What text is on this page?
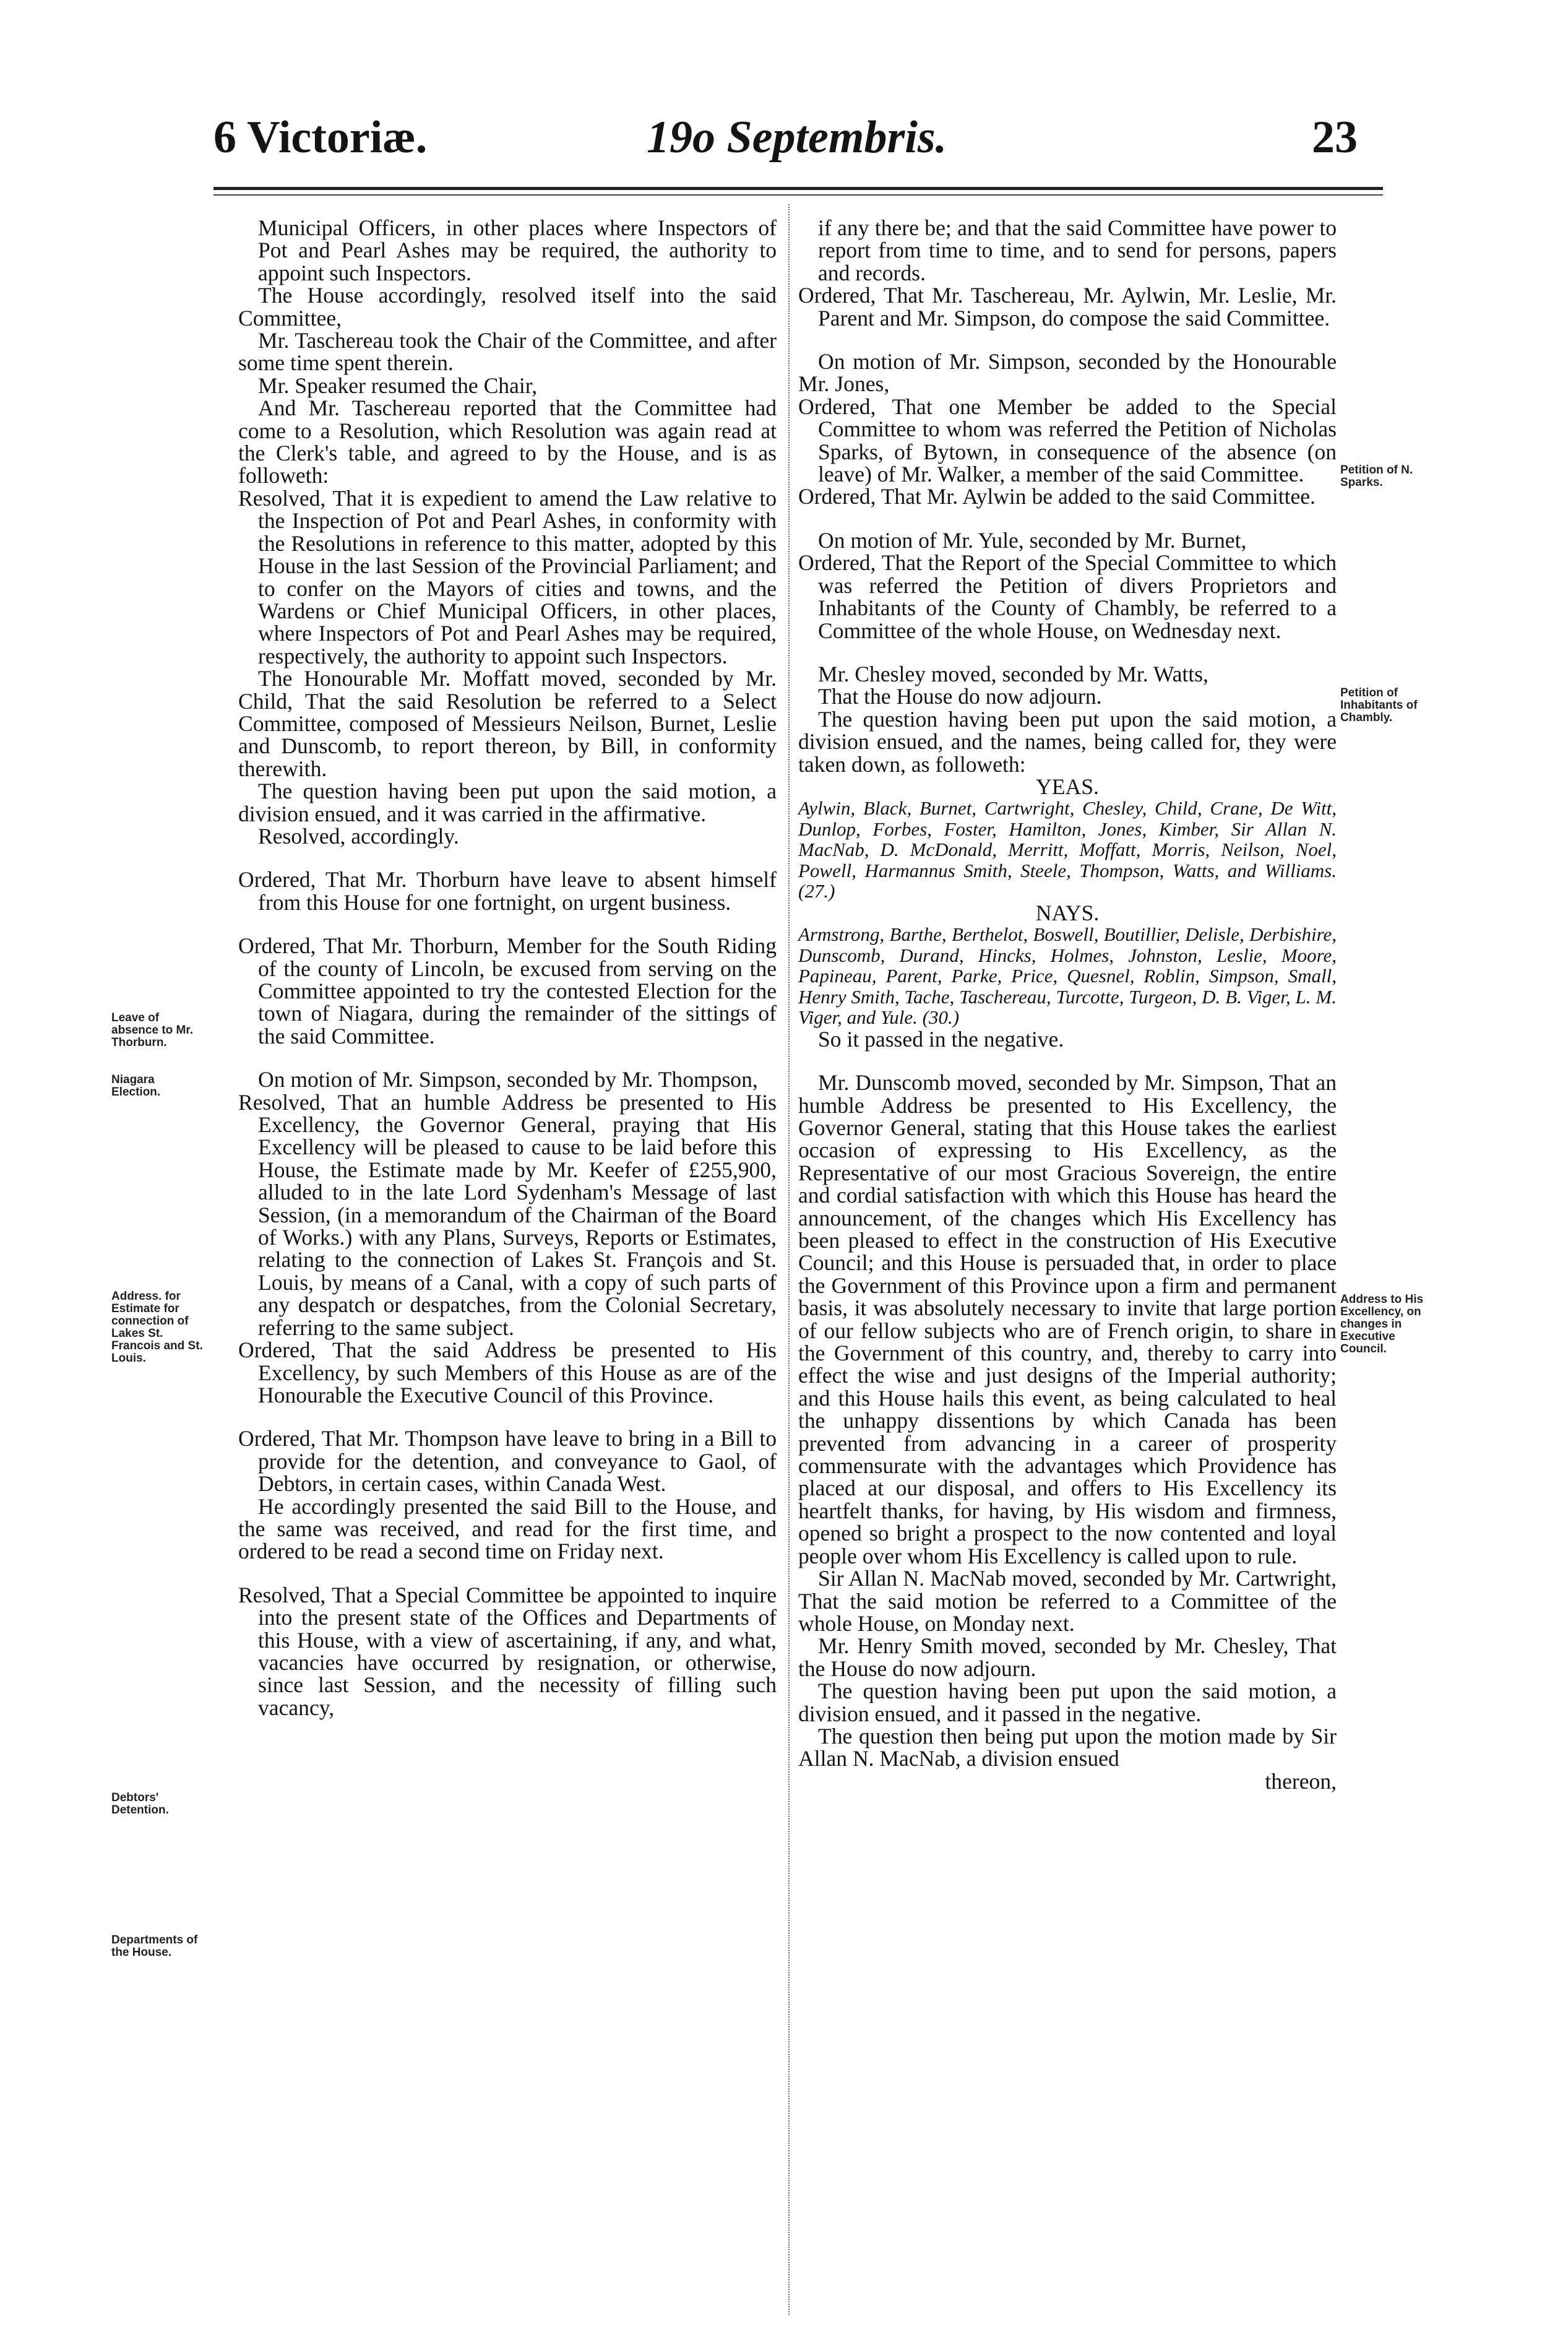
6 Victoriæ.	19o Septembris.	23
Leave of absence to Mr. Thorburn.
Niagara Election.
Address. for Estimate for connection of Lakes St. Francois and St. Louis.
Debtors' Detention.
Departments of the House.
Petition of N. Sparks.
Petition of Inhabitants of Chambly.
Address to His Excellency, on changes in Executive Council.

Municipal Officers, in other places where Inspectors of Pot and Pearl Ashes may be required, the authority to appoint such Inspectors.

The House accordingly, resolved itself into the said Committee,

Mr. Taschereau took the Chair of the Committee, and after some time spent therein.

Mr. Speaker resumed the Chair,

And Mr. Taschereau reported that the Committee had come to a Resolution, which Resolution was again read at the Clerk's table, and agreed to by the House, and is as followeth:

Resolved, That it is expedient to amend the Law relative to the Inspection of Pot and Pearl Ashes, in conformity with the Resolutions in reference to this matter, adopted by this House in the last Session of the Provincial Parliament; and to confer on the Mayors of cities and towns, and the Wardens or Chief Municipal Officers, in other places, where Inspectors of Pot and Pearl Ashes may be required, respectively, the authority to appoint such Inspectors.

The Honourable Mr. Moffatt moved, seconded by Mr. Child, That the said Resolution be referred to a Select Committee, composed of Messieurs Neilson, Burnet, Leslie and Dunscomb, to report thereon, by Bill, in conformity therewith.

The question having been put upon the said motion, a division ensued, and it was carried in the affirmative.

Resolved, accordingly.

Ordered, That Mr. Thorburn have leave to absent himself from this House for one fortnight, on urgent business.

Ordered, That Mr. Thorburn, Member for the South Riding of the county of Lincoln, be excused from serving on the Committee appointed to try the contested Election for the town of Niagara, during the remainder of the sittings of the said Committee.

On motion of Mr. Simpson, seconded by Mr. Thompson,

Resolved, That an humble Address be presented to His Excellency, the Governor General, praying that His Excellency will be pleased to cause to be laid before this House, the Estimate made by Mr. Keefer of £255,900, alluded to in the late Lord Sydenham's Message of last Session, (in a memorandum of the Chairman of the Board of Works.) with any Plans, Surveys, Reports or Estimates, relating to the connection of Lakes St. François and St. Louis, by means of a Canal, with a copy of such parts of any despatch or despatches, from the Colonial Secretary, referring to the same subject.

Ordered, That the said Address be presented to His Excellency, by such Members of this House as are of the Honourable the Executive Council of this Province.

Ordered, That Mr. Thompson have leave to bring in a Bill to provide for the detention, and conveyance to Gaol, of Debtors, in certain cases, within Canada West.

He accordingly presented the said Bill to the House, and the same was received, and read for the first time, and ordered to be read a second time on Friday next.

Resolved, That a Special Committee be appointed to inquire into the present state of the Offices and Departments of this House, with a view of ascertaining, if any, and what, vacancies have occurred by resignation, or otherwise, since last Session, and the necessity of filling such vacancy,

if any there be; and that the said Committee have power to report from time to time, and to send for persons, papers and records.

Ordered, That Mr. Taschereau, Mr. Aylwin, Mr. Leslie, Mr. Parent and Mr. Simpson, do compose the said Committee.

On motion of Mr. Simpson, seconded by the Honourable Mr. Jones,

Ordered, That one Member be added to the Special Committee to whom was referred the Petition of Nicholas Sparks, of Bytown, in consequence of the absence (on leave) of Mr. Walker, a member of the said Committee.

Ordered, That Mr. Aylwin be added to the said Committee.

On motion of Mr. Yule, seconded by Mr. Burnet,

Ordered, That the Report of the Special Committee to which was referred the Petition of divers Proprietors and Inhabitants of the County of Chambly, be referred to a Committee of the whole House, on Wednesday next.

Mr. Chesley moved, seconded by Mr. Watts,

That the House do now adjourn.

The question having been put upon the said motion, a division ensued, and the names, being called for, they were taken down, as followeth:

YEAS.

Aylwin, Black, Burnet, Cartwright, Chesley, Child, Crane, De Witt, Dunlop, Forbes, Foster, Hamilton, Jones, Kimber, Sir Allan N. MacNab, D. McDonald, Merritt, Moffatt, Morris, Neilson, Noel, Powell, Harmannus Smith, Steele, Thompson, Watts, and Williams. (27.)

NAYS.

Armstrong, Barthe, Berthelot, Boswell, Boutillier, Delisle, Derbishire, Dunscomb, Durand, Hincks, Holmes, Johnston, Leslie, Moore, Papineau, Parent, Parke, Price, Quesnel, Roblin, Simpson, Small, Henry Smith, Tache, Taschereau, Turcotte, Turgeon, D. B. Viger, L. M. Viger, and Yule. (30.)

So it passed in the negative.

Mr. Dunscomb moved, seconded by Mr. Simpson, That an humble Address be presented to His Excellency, the Governor General, stating that this House takes the earliest occasion of expressing to His Excellency, as the Representative of our most Gracious Sovereign, the entire and cordial satisfaction with which this House has heard the announcement, of the changes which His Excellency has been pleased to effect in the construction of His Executive Council; and this House is persuaded that, in order to place the Government of this Province upon a firm and permanent basis, it was absolutely necessary to invite that large portion of our fellow subjects who are of French origin, to share in the Government of this country, and, thereby to carry into effect the wise and just designs of the Imperial authority; and this House hails this event, as being calculated to heal the unhappy dissentions by which Canada has been prevented from advancing in a career of prosperity commensurate with the advantages which Providence has placed at our disposal, and offers to His Excellency its heartfelt thanks, for having, by His wisdom and firmness, opened so bright a prospect to the now contented and loyal people over whom His Excellency is called upon to rule.

Sir Allan N. MacNab moved, seconded by Mr. Cartwright, That the said motion be referred to a Committee of the whole House, on Monday next.

Mr. Henry Smith moved, seconded by Mr. Chesley, That the House do now adjourn.

The question having been put upon the said motion, a division ensued, and it passed in the negative.

The question then being put upon the motion made by Sir Allan N. MacNab, a division ensued

thereon,
